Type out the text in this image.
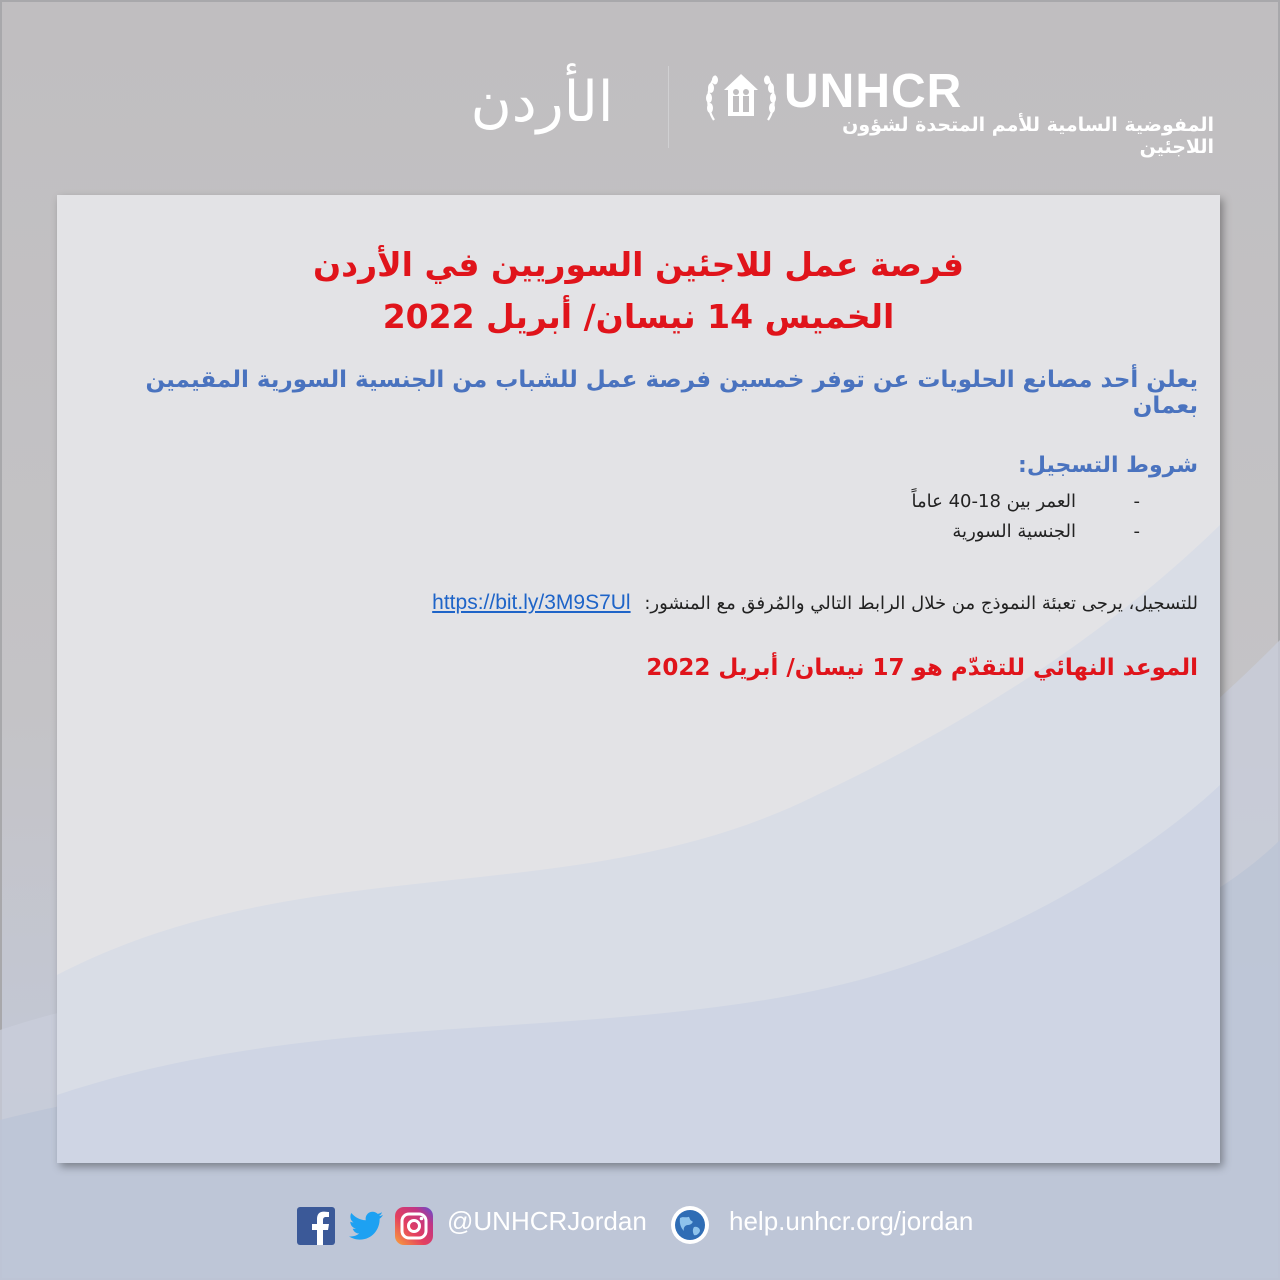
الأردن	UNHCR
المفوضية السامية للأمم المتحدة لشؤون اللاجئين
فرصة عمل للاجئين السوريين في الأردن
الخميس 14 نيسان/ أبريل 2022
يعلن أحد مصانع الحلويات عن توفر خمسين فرصة عمل للشباب من الجنسية السورية المقيمين بعمان
شروط التسجيل:
-
العمر بين 18-40 عاماً
-
الجنسية السورية
للتسجيل، يرجى تعبئة النموذج من خلال الرابط التالي والمُرفق مع المنشور: https://bit.ly/3M9S7Ul
الموعد النهائي للتقدّم هو 17 نيسان/ أبريل 2022
@UNHCRJordan	help.unhcr.org/jordan
